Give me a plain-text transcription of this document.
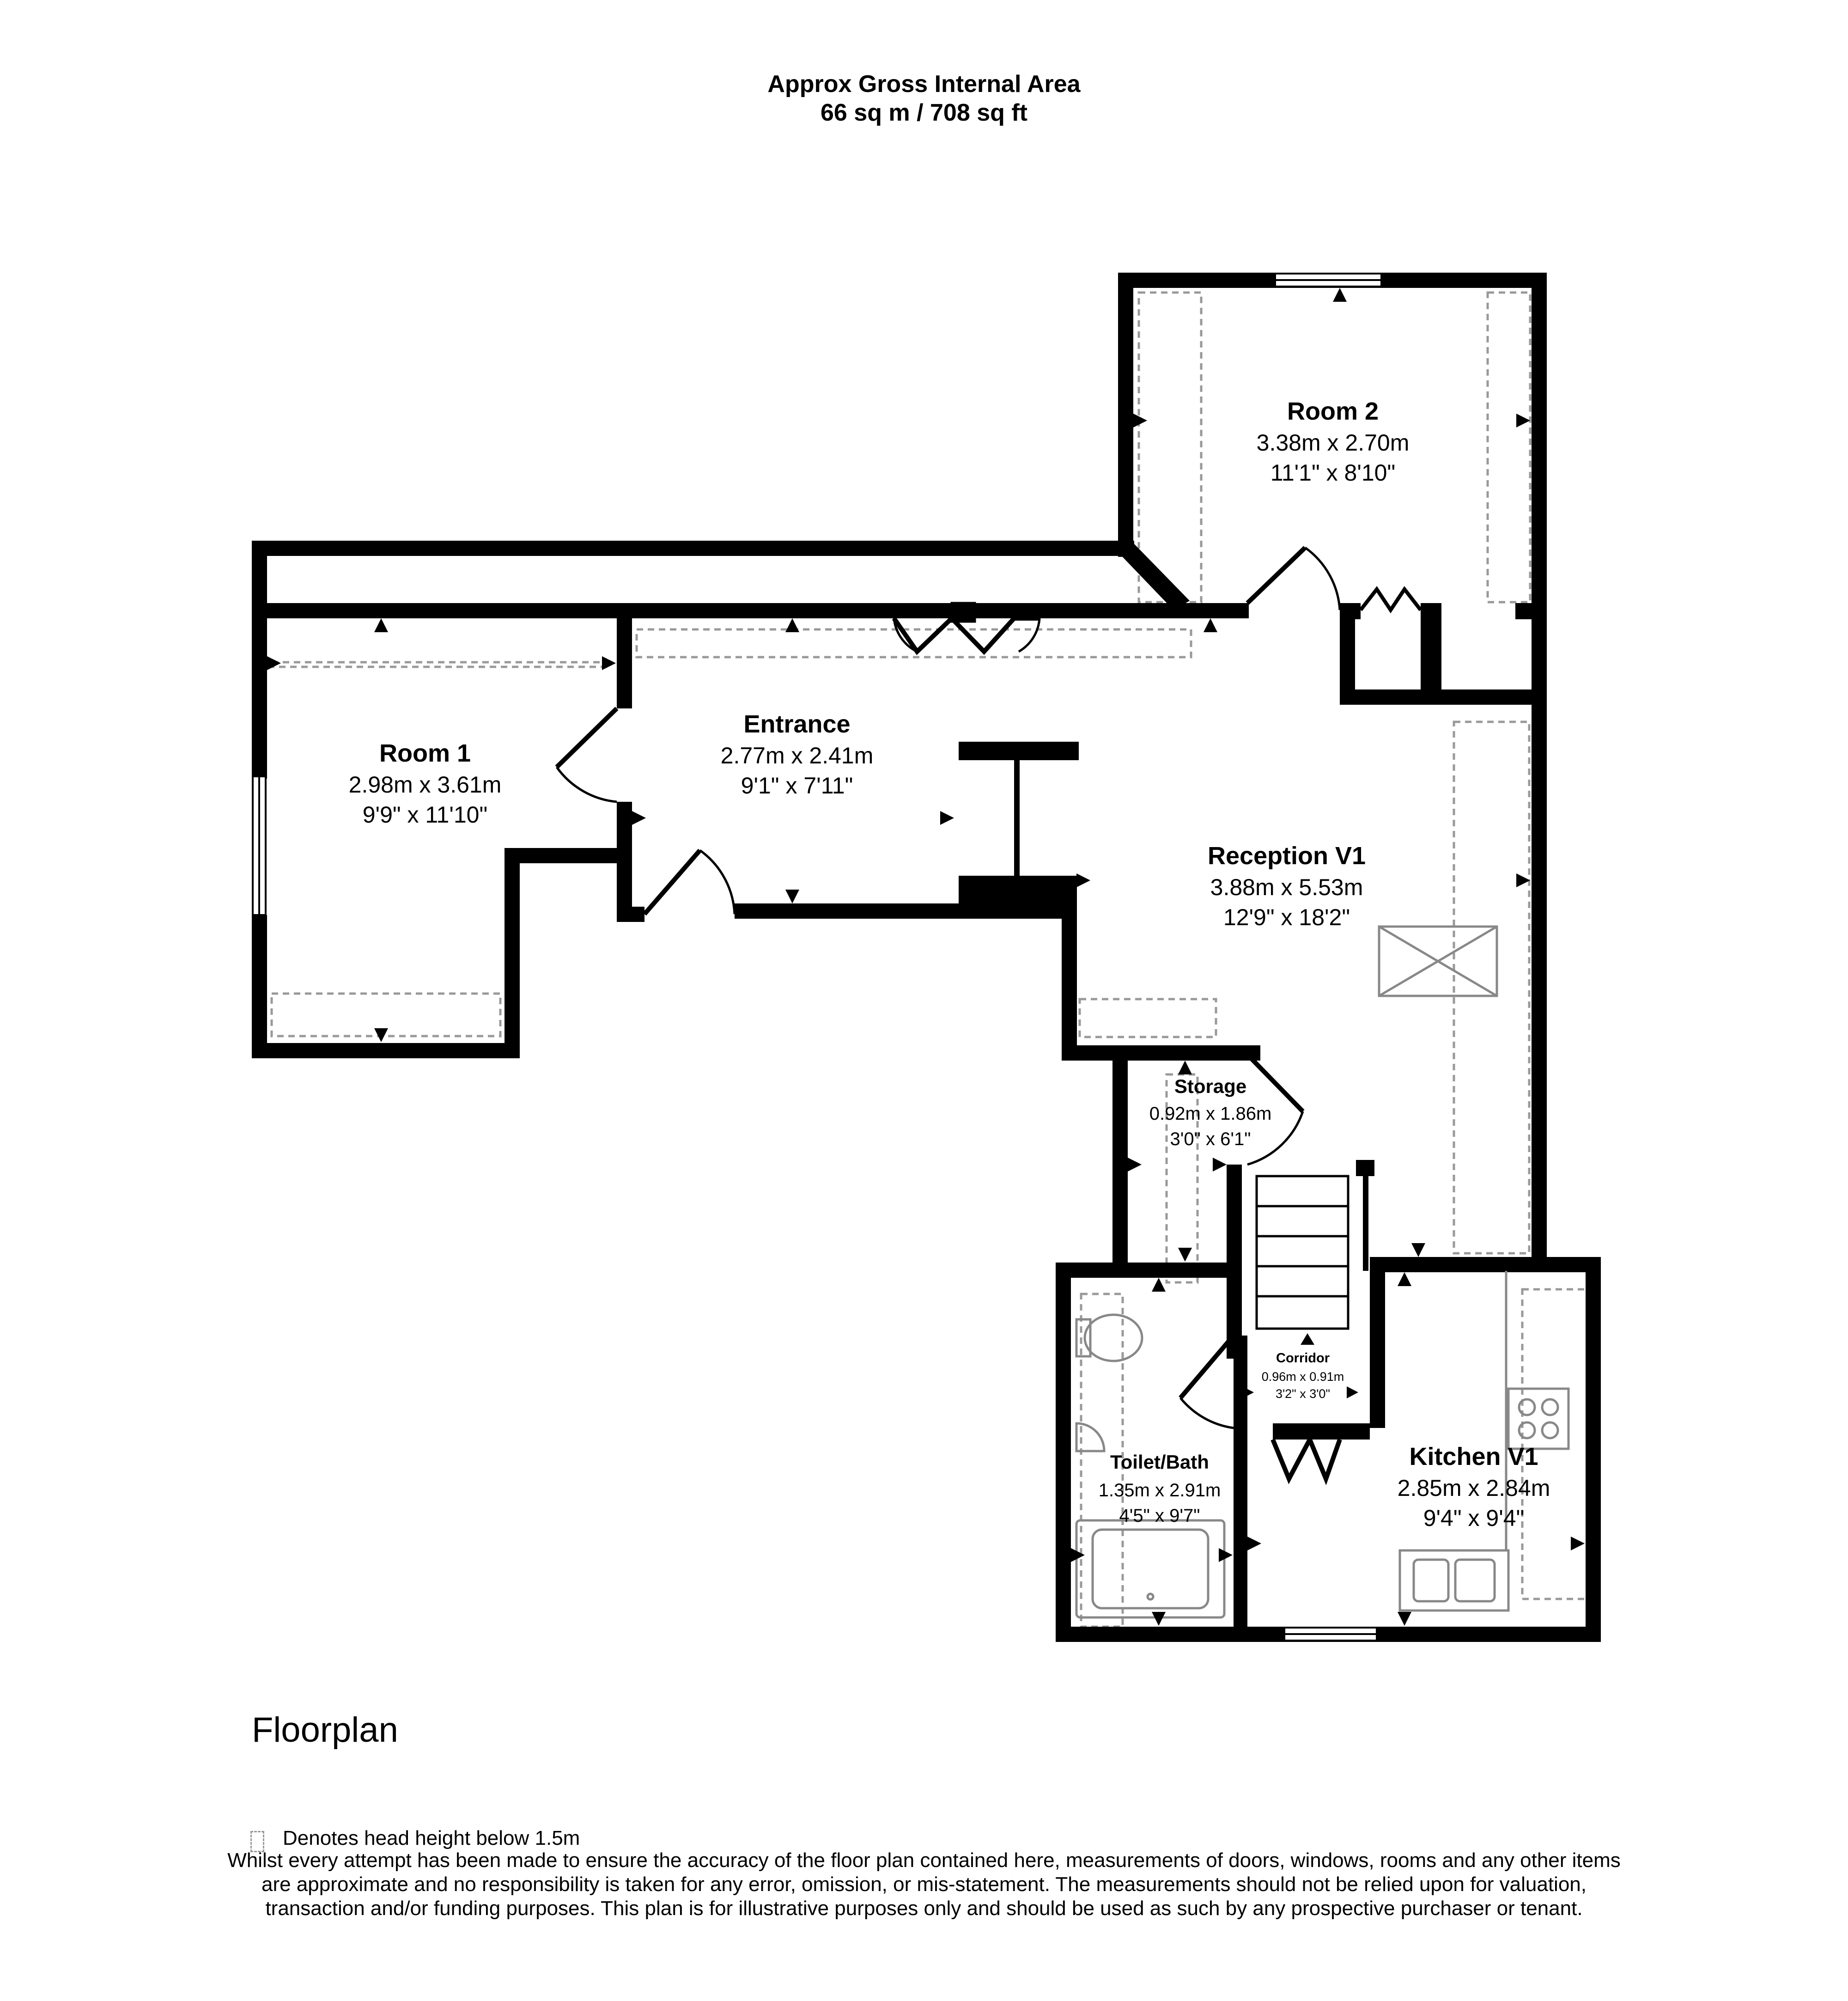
Approx Gross Internal Area
66 sq m / 708 sq ft
Room 2
3.38m x 2.70m
11'1" x 8'10"
Room 1
2.98m x 3.61m
9'9" x 11'10"
Entrance
2.77m x 2.41m
9'1" x 7'11"
Reception V1
3.88m x 5.53m
12'9" x 18'2"
Storage
0.92m x 1.86m
3'0" x 6'1"
Corridor
0.96m x 0.91m
3'2" x 3'0"
Toilet/Bath
1.35m x 2.91m
4'5" x 9'7"
Kitchen V1
2.85m x 2.84m
9'4" x 9'4"
Floorplan
Denotes head height below 1.5m
Whilst every attempt has been made to ensure the accuracy of the floor plan contained here, measurements of doors, windows, rooms and any other items are approximate and no responsibility is taken for any error, omission, or mis-statement. The measurements should not be relied upon for valuation, transaction and/or funding purposes. This plan is for illustrative purposes only and should be used as such by any prospective purchaser or tenant.
